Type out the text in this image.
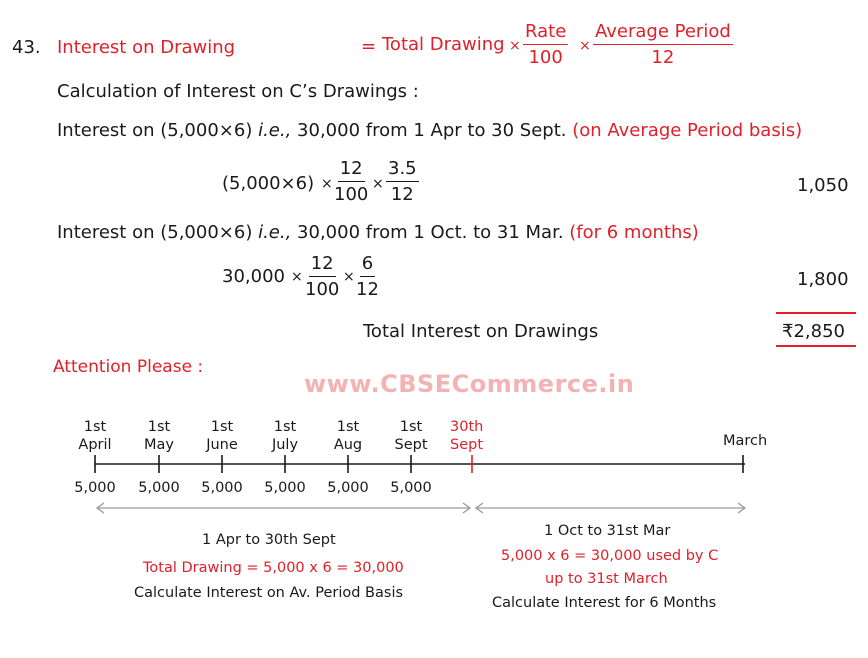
43. Interest on Drawing	= Total Drawing ×
Rate
100
×
Average Period
12
Calculation of Interest on C’s Drawings :
Interest on (5,000×6) i.e., 30,000 from 1 Apr to 30 Sept. (on Average Period basis)
$(5,000\times 6) \times \frac{12}{100} \times \frac{3.5}{12}$	1,050
Interest on (5,000×6) i.e., 30,000 from 1 Oct. to 31 Mar. (for 6 months)
$30,000 \times \frac{12}{100} \times \frac{6}{12}$	1,800
Total Interest on Drawings	₹2,850
Attention Please :
www.CBSECommerce.in
1st
April
5,000
1st
May
5,000
1st
June
5,000
1st
July
5,000
1st
Aug
5,000
1st
Sept
5,000
30th
Sept	March
1 Apr to 30th Sept
Total Drawing = 5,000 x 6 = 30,000
Calculate Interest on Av. Period Basis
1 Oct to 31st Mar
5,000 x 6 = 30,000 used by C
up to 31st March
Calculate Interest for 6 Months
